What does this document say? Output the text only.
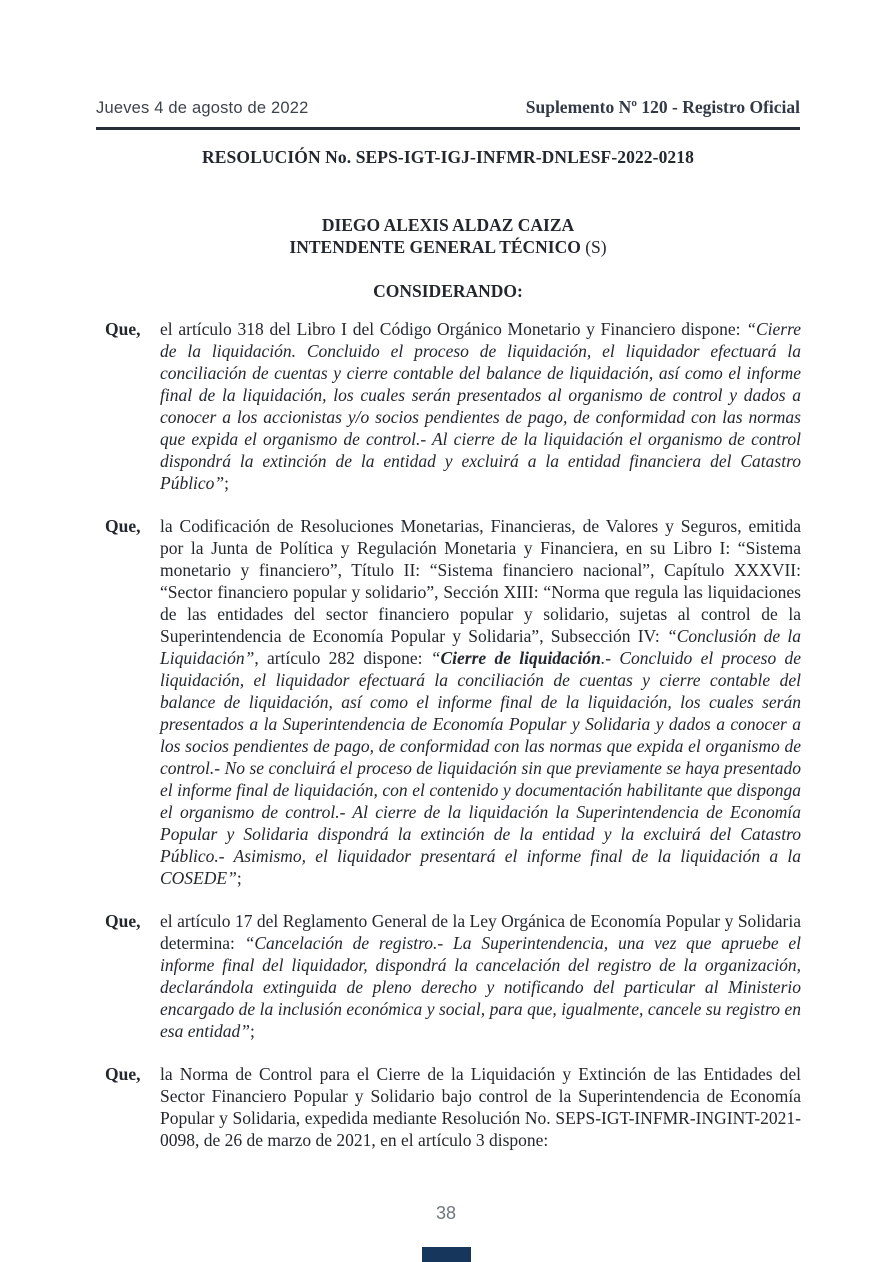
Jueves 4 de agosto de 2022	Suplemento Nº 120 - Registro Oficial
RESOLUCIÓN No. SEPS-IGT-IGJ-INFMR-DNLESF-2022-0218
DIEGO ALEXIS ALDAZ CAIZA
INTENDENTE GENERAL TÉCNICO (S)
CONSIDERANDO:
Que,	el artículo 318 del Libro I del Código Orgánico Monetario y Financiero dispone: “Cierre de la liquidación. Concluido el proceso de liquidación, el liquidador efectuará la conciliación de cuentas y cierre contable del balance de liquidación, así como el informe final de la liquidación, los cuales serán presentados al organismo de control y dados a conocer a los accionistas y/o socios pendientes de pago, de conformidad con las normas que expida el organismo de control.- Al cierre de la liquidación el organismo de control dispondrá la extinción de la entidad y excluirá a la entidad financiera del Catastro Público”;

Que,	la Codificación de Resoluciones Monetarias, Financieras, de Valores y Seguros, emitida por la Junta de Política y Regulación Monetaria y Financiera, en su Libro I: “Sistema monetario y financiero”, Título II: “Sistema financiero nacional”, Capítulo XXXVII: “Sector financiero popular y solidario”, Sección XIII: “Norma que regula las liquidaciones de las entidades del sector financiero popular y solidario, sujetas al control de la Superintendencia de Economía Popular y Solidaria”, Subsección IV: “Conclusión de la Liquidación”, artículo 282 dispone: “Cierre de liquidación.- Concluido el proceso de liquidación, el liquidador efectuará la conciliación de cuentas y cierre contable del balance de liquidación, así como el informe final de la liquidación, los cuales serán presentados a la Superintendencia de Economía Popular y Solidaria y dados a conocer a los socios pendientes de pago, de conformidad con las normas que expida el organismo de control.- No se concluirá el proceso de liquidación sin que previamente se haya presentado el informe final de liquidación, con el contenido y documentación habilitante que disponga el organismo de control.- Al cierre de la liquidación la Superintendencia de Economía Popular y Solidaria dispondrá la extinción de la entidad y la excluirá del Catastro Público.- Asimismo, el liquidador presentará el informe final de la liquidación a la COSEDE”;

Que,	el artículo 17 del Reglamento General de la Ley Orgánica de Economía Popular y Solidaria determina: “Cancelación de registro.- La Superintendencia, una vez que apruebe el informe final del liquidador, dispondrá la cancelación del registro de la organización, declarándola extinguida de pleno derecho y notificando del particular al Ministerio encargado de la inclusión económica y social, para que, igualmente, cancele su registro en esa entidad”;

Que,	la Norma de Control para el Cierre de la Liquidación y Extinción de las Entidades del Sector Financiero Popular y Solidario bajo control de la Superintendencia de Economía Popular y Solidaria, expedida mediante Resolución No. SEPS-IGT-INFMR-INGINT-2021-0098, de 26 de marzo de 2021, en el artículo 3 dispone:

38
